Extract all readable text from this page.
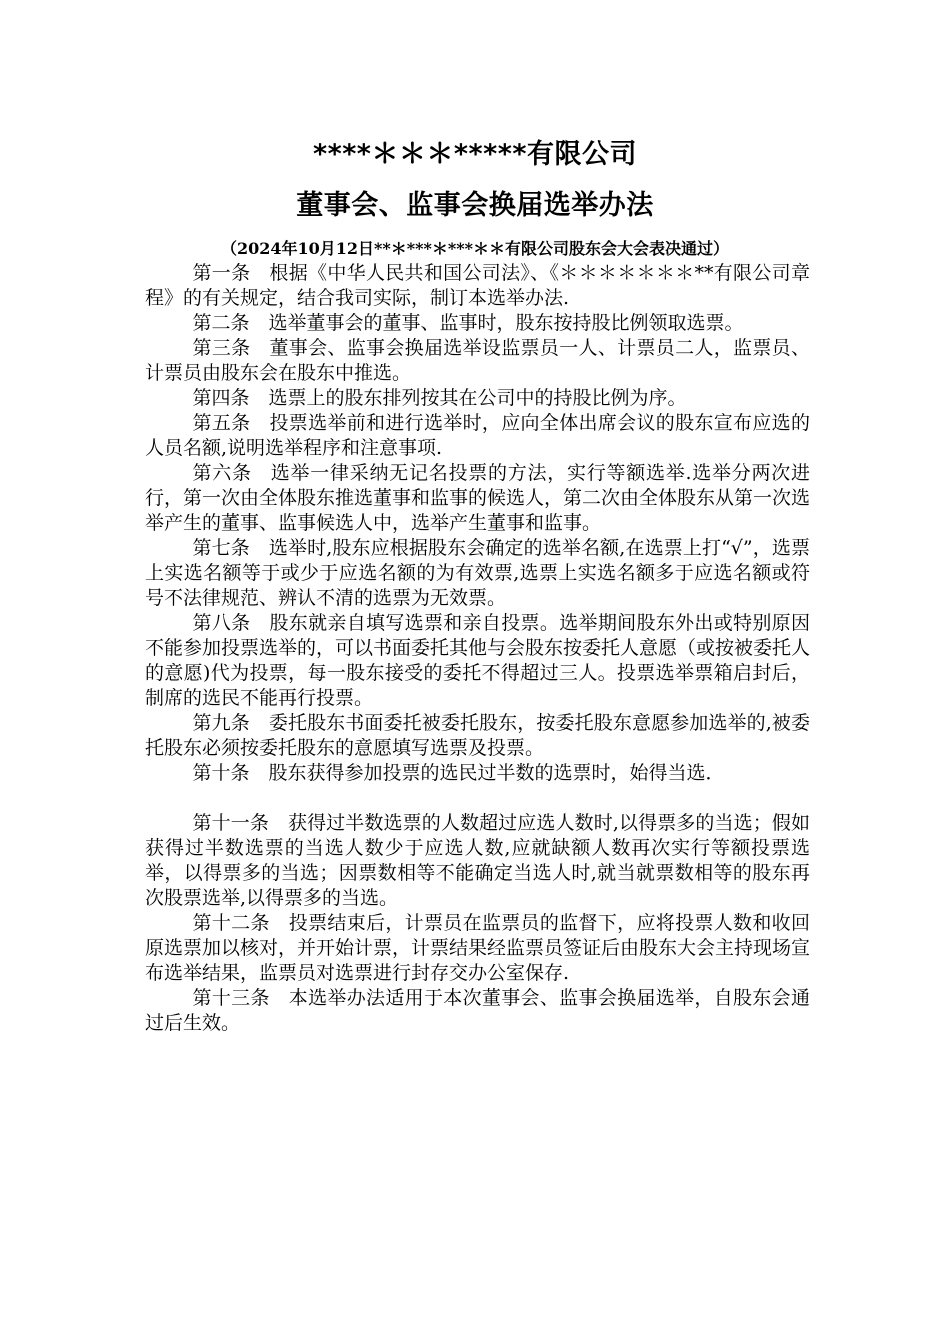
****＊＊＊*****有限公司
董事会、监事会换届选举办法
（2024年10月12日**＊***＊***＊＊有限公司股东会大会表决通过）

第一条 根据《中华人民共和国公司法》、《＊＊＊＊＊＊＊**有限公司章程》的有关规定，结合我司实际，制订本选举办法.

第二条 选举董事会的董事、监事时，股东按持股比例领取选票。

第三条 董事会、监事会换届选举设监票员一人、计票员二人，监票员、计票员由股东会在股东中推选。

第四条 选票上的股东排列按其在公司中的持股比例为序。

第五条 投票选举前和进行选举时，应向全体出席会议的股东宣布应选的人员名额,说明选举程序和注意事项.

第六条 选举一律采纳无记名投票的方法，实行等额选举.选举分两次进行，第一次由全体股东推选董事和监事的候选人，第二次由全体股东从第一次选举产生的董事、监事候选人中，选举产生董事和监事。

第七条 选举时,股东应根据股东会确定的选举名额,在选票上打“√”，选票上实选名额等于或少于应选名额的为有效票,选票上实选名额多于应选名额或符号不法律规范、辨认不清的选票为无效票。

第八条 股东就亲自填写选票和亲自投票。选举期间股东外出或特别原因不能参加投票选举的，可以书面委托其他与会股东按委托人意愿（或按被委托人的意愿)代为投票，每一股东接受的委托不得超过三人。投票选举票箱启封后，制席的选民不能再行投票。

第九条 委托股东书面委托被委托股东，按委托股东意愿参加选举的,被委托股东必须按委托股东的意愿填写选票及投票。

第十条 股东获得参加投票的选民过半数的选票时，始得当选．

第十一条 获得过半数选票的人数超过应选人数时,以得票多的当选；假如获得过半数选票的当选人数少于应选人数,应就缺额人数再次实行等额投票选举，以得票多的当选；因票数相等不能确定当选人时,就当就票数相等的股东再次股票选举,以得票多的当选。

第十二条 投票结束后，计票员在监票员的监督下，应将投票人数和收回原选票加以核对，并开始计票，计票结果经监票员签证后由股东大会主持现场宣布选举结果，监票员对选票进行封存交办公室保存.

第十三条 本选举办法适用于本次董事会、监事会换届选举，自股东会通过后生效。
